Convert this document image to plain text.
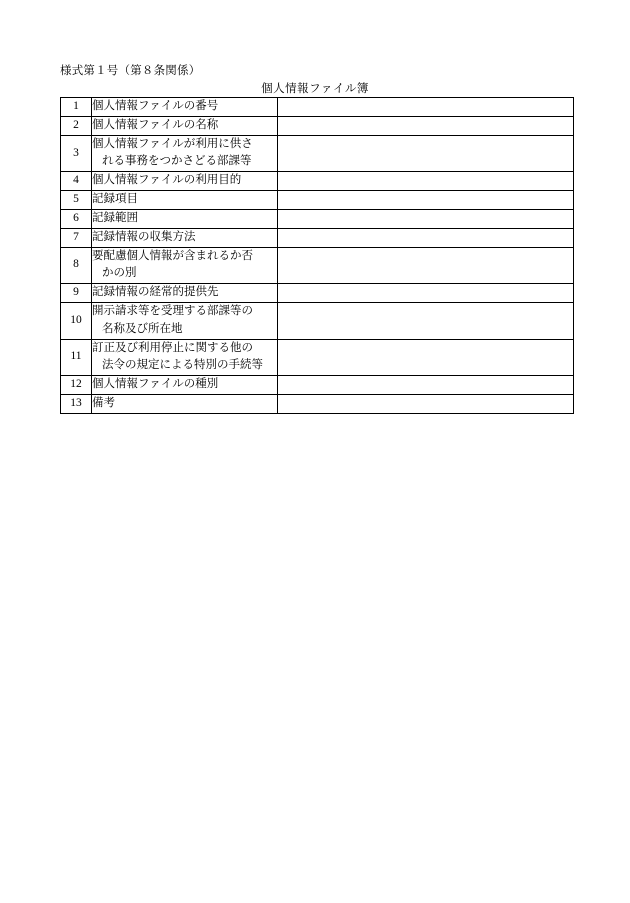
様式第１号（第８条関係）
個人情報ファイル簿
1	個人情報ファイルの番号	

2	個人情報ファイルの名称	

3	個人情報ファイルが利用に供さ
れる事務をつかさどる部課等	

4	個人情報ファイルの利用目的	

5	記録項目	

6	記録範囲	

7	記録情報の収集方法	

8	要配慮個人情報が含まれるか否
かの別	

9	記録情報の経常的提供先	

10	開示請求等を受理する部課等の
名称及び所在地	

11	訂正及び利用停止に関する他の
法令の規定による特別の手続等	

12	個人情報ファイルの種別	

13	備考	
